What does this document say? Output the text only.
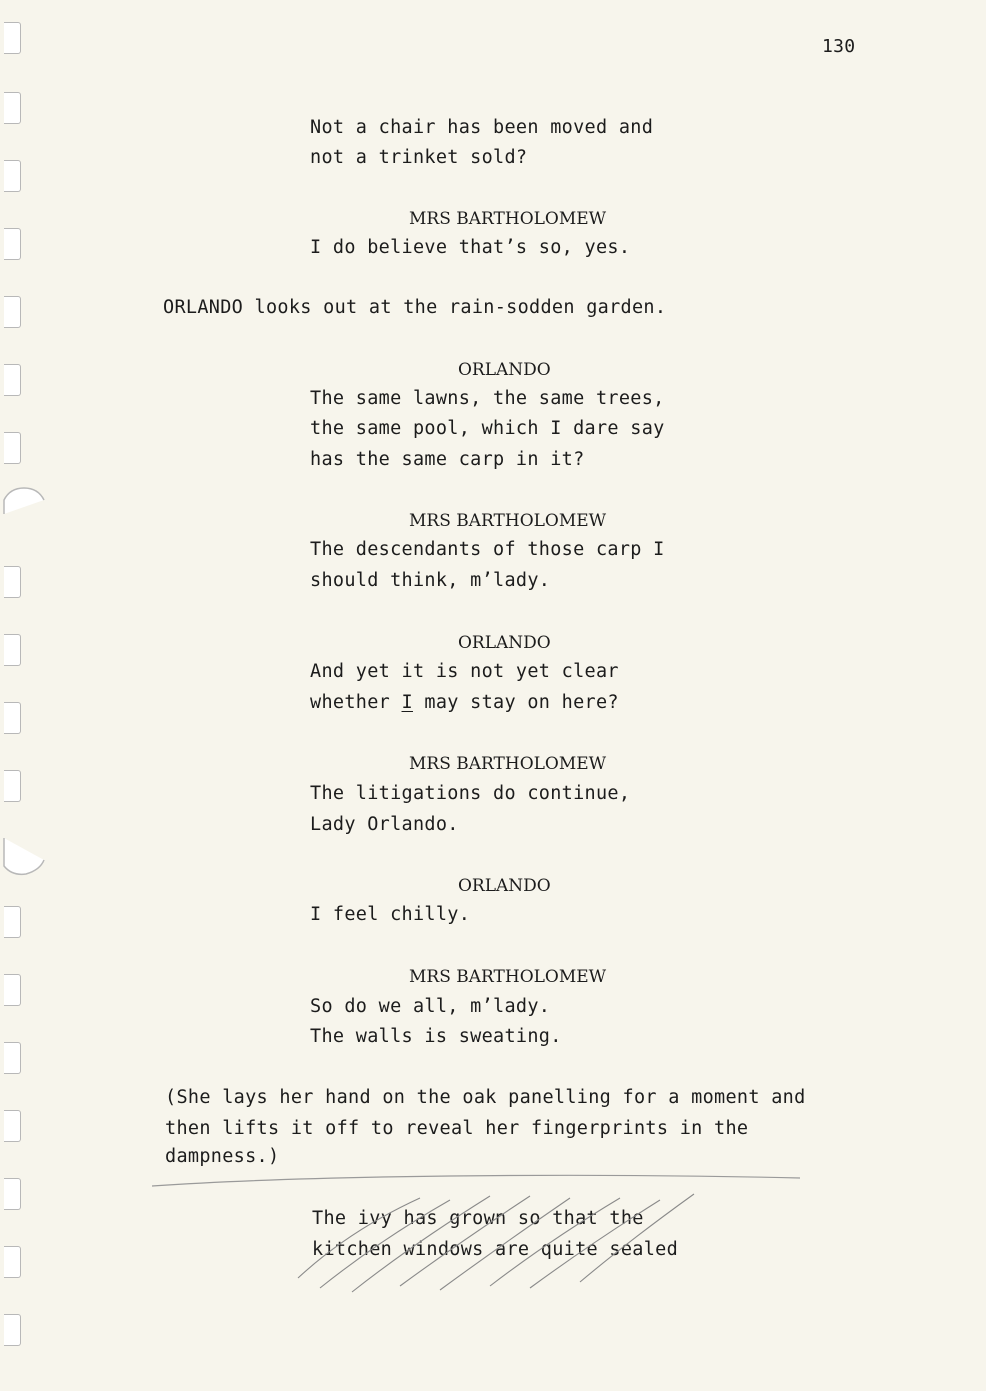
130
Not a chair has been moved and
not a trinket sold?
MRS BARTHOLOMEW
I do believe that’s so, yes.
ORLANDO looks out at the rain-sodden garden.
ORLANDO
The same lawns, the same trees,
the same pool, which I dare say
has the same carp in it?
MRS BARTHOLOMEW
The descendants of those carp I
should think, m’lady.
ORLANDO
And yet it is not yet clear
whether I may stay on here?
MRS BARTHOLOMEW
The litigations do continue,
Lady Orlando.
ORLANDO
I feel chilly.
MRS BARTHOLOMEW
So do we all, m’lady.
The walls is sweating.
(She lays her hand on the oak panelling for a moment and
then lifts it off to reveal her fingerprints in the
dampness.)
The ivy has grown so that the
kitchen windows are quite sealed
